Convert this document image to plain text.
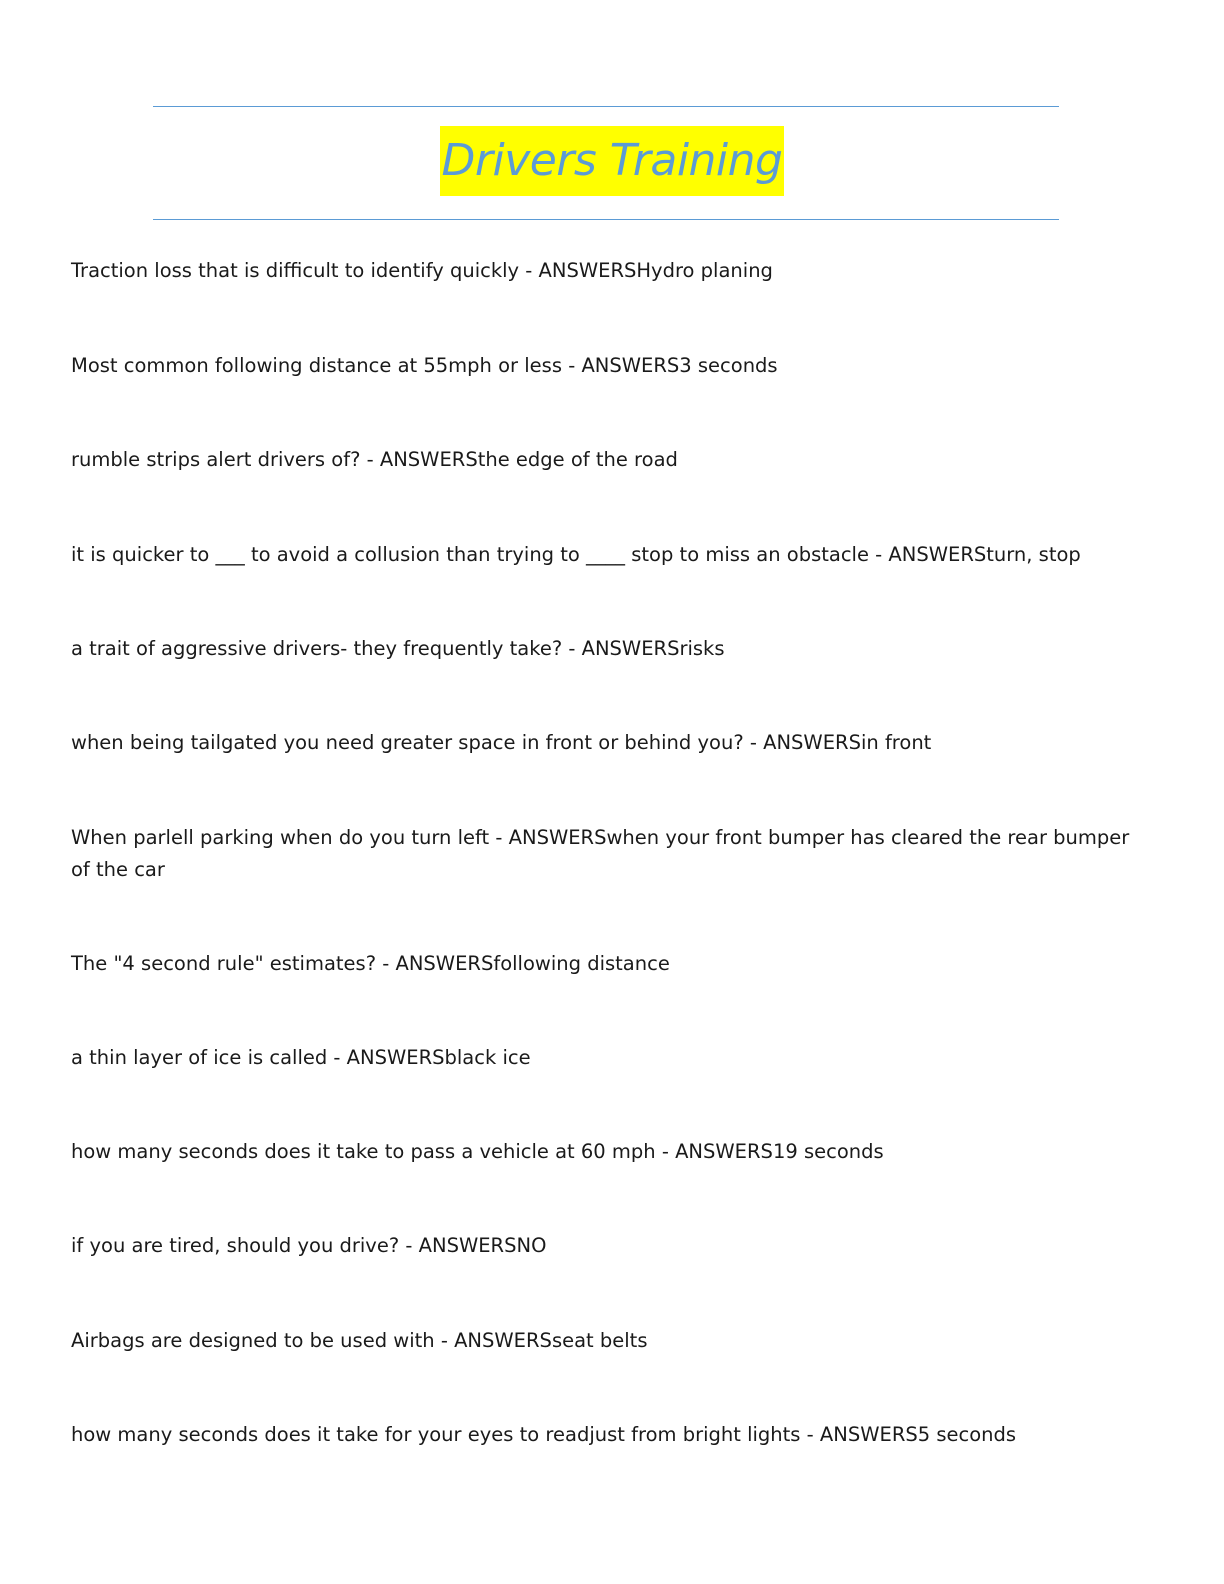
Drivers Training
Traction loss that is difficult to identify quickly - ANSWERSHydro planing
Most common following distance at 55mph or less - ANSWERS3 seconds
rumble strips alert drivers of? - ANSWERSthe edge of the road
it is quicker to ___ to avoid a collusion than trying to ____ stop to miss an obstacle - ANSWERSturn, stop
a trait of aggressive drivers- they frequently take? - ANSWERSrisks
when being tailgated you need greater space in front or behind you? - ANSWERSin front
When parlell parking when do you turn left - ANSWERSwhen your front bumper has cleared the rear bumper of the car
The "4 second rule" estimates? - ANSWERSfollowing distance
a thin layer of ice is called - ANSWERSblack ice
how many seconds does it take to pass a vehicle at 60 mph - ANSWERS19 seconds
if you are tired, should you drive? - ANSWERSNO
Airbags are designed to be used with - ANSWERSseat belts
how many seconds does it take for your eyes to readjust from bright lights - ANSWERS5 seconds
